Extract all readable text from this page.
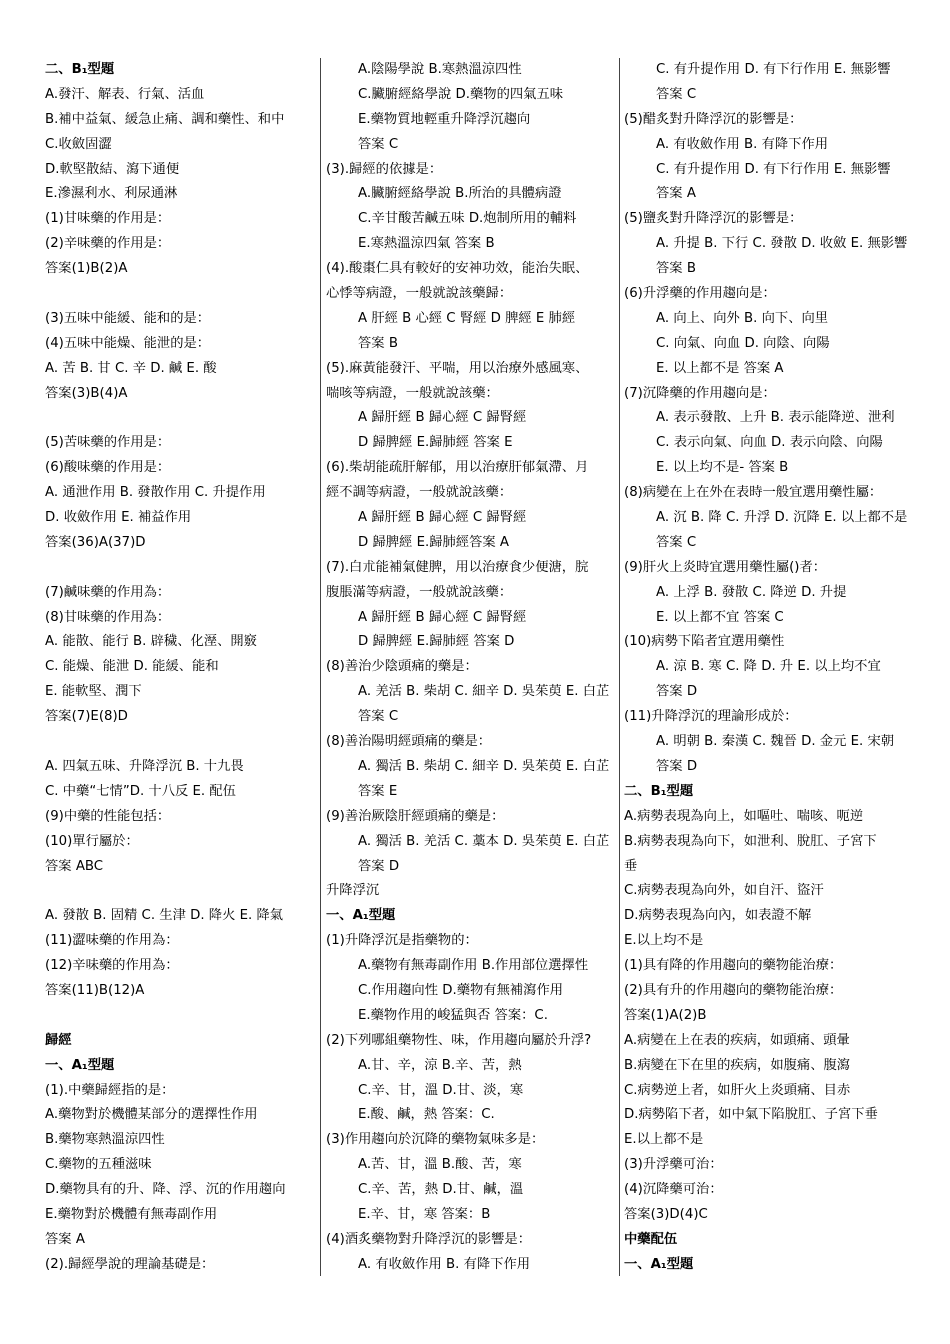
二、B₁型題
A.發汗、解表、行氣、活血
B.補中益氣、緩急止痛、調和藥性、和中
C.收斂固澀
D.軟堅散結、瀉下通便
E.滲濕利水、利尿通淋
(1)甘味藥的作用是：
(2)辛味藥的作用是：
答案(1)B(2)A
(3)五味中能緩、能和的是：
(4)五味中能燥、能泄的是：
A. 苦 B. 甘 C. 辛 D. 鹹 E. 酸
答案(3)B(4)A
(5)苦味藥的作用是：
(6)酸味藥的作用是：
A. 通泄作用 B. 發散作用 C. 升提作用
D. 收斂作用 E. 補益作用
答案(36)A(37)D
(7)鹹味藥的作用為：
(8)甘味藥的作用為：
A. 能散、能行 B. 辟穢、化溼、開竅
C. 能燥、能泄 D. 能緩、能和
E. 能軟堅、潤下
答案(7)E(8)D
A. 四氣五味、升降浮沉 B. 十九畏
C. 中藥“七情”D. 十八反 E. 配伍
(9)中藥的性能包括：
(10)單行屬於：
答案 ABC
A. 發散 B. 固精 C. 生津 D. 降火 E. 降氣
(11)澀味藥的作用為：
(12)辛味藥的作用為：
答案(11)B(12)A
歸經
一、A₁型題
(1).中藥歸經指的是：
A.藥物對於機體某部分的選擇性作用
B.藥物寒熱溫涼四性
C.藥物的五種滋味
D.藥物具有的升、降、浮、沉的作用趨向
E.藥物對於機體有無毒副作用
答案 A
(2).歸經學說的理論基礎是：
A.陰陽學說 B.寒熱溫涼四性
C.臟腑經絡學說 D.藥物的四氣五味
E.藥物質地輕重升降浮沉趨向
答案 C
(3).歸經的依據是：
A.臟腑經絡學說 B.所治的具體病證
C.辛甘酸苦鹹五味 D.炮制所用的輔料
E.寒熱溫涼四氣 答案 B
(4).酸棗仁具有較好的安神功效，能治失眠、
心悸等病證，一般就說該藥歸：
A 肝經 B 心經 C 腎經 D 脾經 E 肺經
答案 B
(5).麻黃能發汗、平喘，用以治療外感風寒、
喘咳等病證，一般就說該藥：
A 歸肝經 B 歸心經 C 歸腎經
D 歸脾經 E.歸肺經 答案 E
(6).柴胡能疏肝解郁，用以治療肝郁氣滯、月
經不調等病證，一般就說該藥：
A 歸肝經 B 歸心經 C 歸腎經
D 歸脾經 E.歸肺經答案 A
(7).白朮能補氣健脾，用以治療食少便溏，脘
腹脹滿等病證，一般就說該藥：
A 歸肝經 B 歸心經 C 歸腎經
D 歸脾經 E.歸肺經 答案 D
(8)善治少陰頭痛的藥是：
A. 羌活 B. 柴胡 C. 細辛 D. 吳茱萸 E. 白芷
答案 C
(8)善治陽明經頭痛的藥是：
A. 獨活 B. 柴胡 C. 細辛 D. 吳茱萸 E. 白芷
答案 E
(9)善治厥陰肝經頭痛的藥是：
A. 獨活 B. 羌活 C. 藁本 D. 吳茱萸 E. 白芷
答案 D
升降浮沉
一、A₁型題
(1)升降浮沉是指藥物的：
A.藥物有無毒副作用 B.作用部位選擇性
C.作用趨向性 D.藥物有無補瀉作用
E.藥物作用的峻猛與否 答案：C.
(2)下列哪組藥物性、味，作用趨向屬於升浮?
A.甘、辛，涼 B.辛、苦，熱
C.辛、甘，溫 D.甘、淡，寒
E.酸、鹹，熱 答案：C.
(3)作用趨向於沉降的藥物氣味多是：
A.苦、甘，溫 B.酸、苦，寒
C.辛、苦，熱 D.甘、鹹，溫
E.辛、甘，寒 答案：B
(4)酒炙藥物對升降浮沉的影響是：
A. 有收斂作用 B. 有降下作用
C. 有升提作用 D. 有下行作用 E. 無影響
答案 C
(5)醋炙對升降浮沉的影響是：
A. 有收斂作用 B. 有降下作用
C. 有升提作用 D. 有下行作用 E. 無影響
答案 A
(5)鹽炙對升降浮沉的影響是：
A. 升提 B. 下行 C. 發散 D. 收斂 E. 無影響
答案 B
(6)升浮藥的作用趨向是：
A. 向上、向外 B. 向下、向里
C. 向氣、向血 D. 向陰、向陽
E. 以上都不是 答案 A
(7)沉降藥的作用趨向是：
A. 表示發散、上升 B. 表示能降逆、泄利
C. 表示向氣、向血 D. 表示向陰、向陽
E. 以上均不是- 答案 B
(8)病變在上在外在表時一般宜選用藥性屬：
A. 沉 B. 降 C. 升浮 D. 沉降 E. 以上都不是
答案 C
(9)肝火上炎時宜選用藥性屬()者：
A. 上浮 B. 發散 C. 降逆 D. 升提
E. 以上都不宜 答案 C
(10)病勢下陷者宜選用藥性
A. 涼 B. 寒 C. 降 D. 升 E. 以上均不宜
答案 D
(11)升降浮沉的理論形成於：
A. 明朝 B. 秦漢 C. 魏晉 D. 金元 E. 宋朝
答案 D
二、B₁型題
A.病勢表現為向上，如嘔吐、喘咳、呃逆
B.病勢表現為向下，如泄利、脫肛、子宮下
垂
C.病勢表現為向外，如自汗、盜汗
D.病勢表現為向內，如表證不解
E.以上均不是
(1)具有降的作用趨向的藥物能治療：
(2)具有升的作用趨向的藥物能治療：
答案(1)A(2)B
A.病變在上在表的疾病，如頭痛、頭暈
B.病變在下在里的疾病，如腹痛、腹瀉
C.病勢逆上者，如肝火上炎頭痛、目赤
D.病勢陷下者，如中氣下陷脫肛、子宮下垂
E.以上都不是
(3)升浮藥可治：
(4)沉降藥可治：
答案(3)D(4)C
中藥配伍
一、A₁型題
